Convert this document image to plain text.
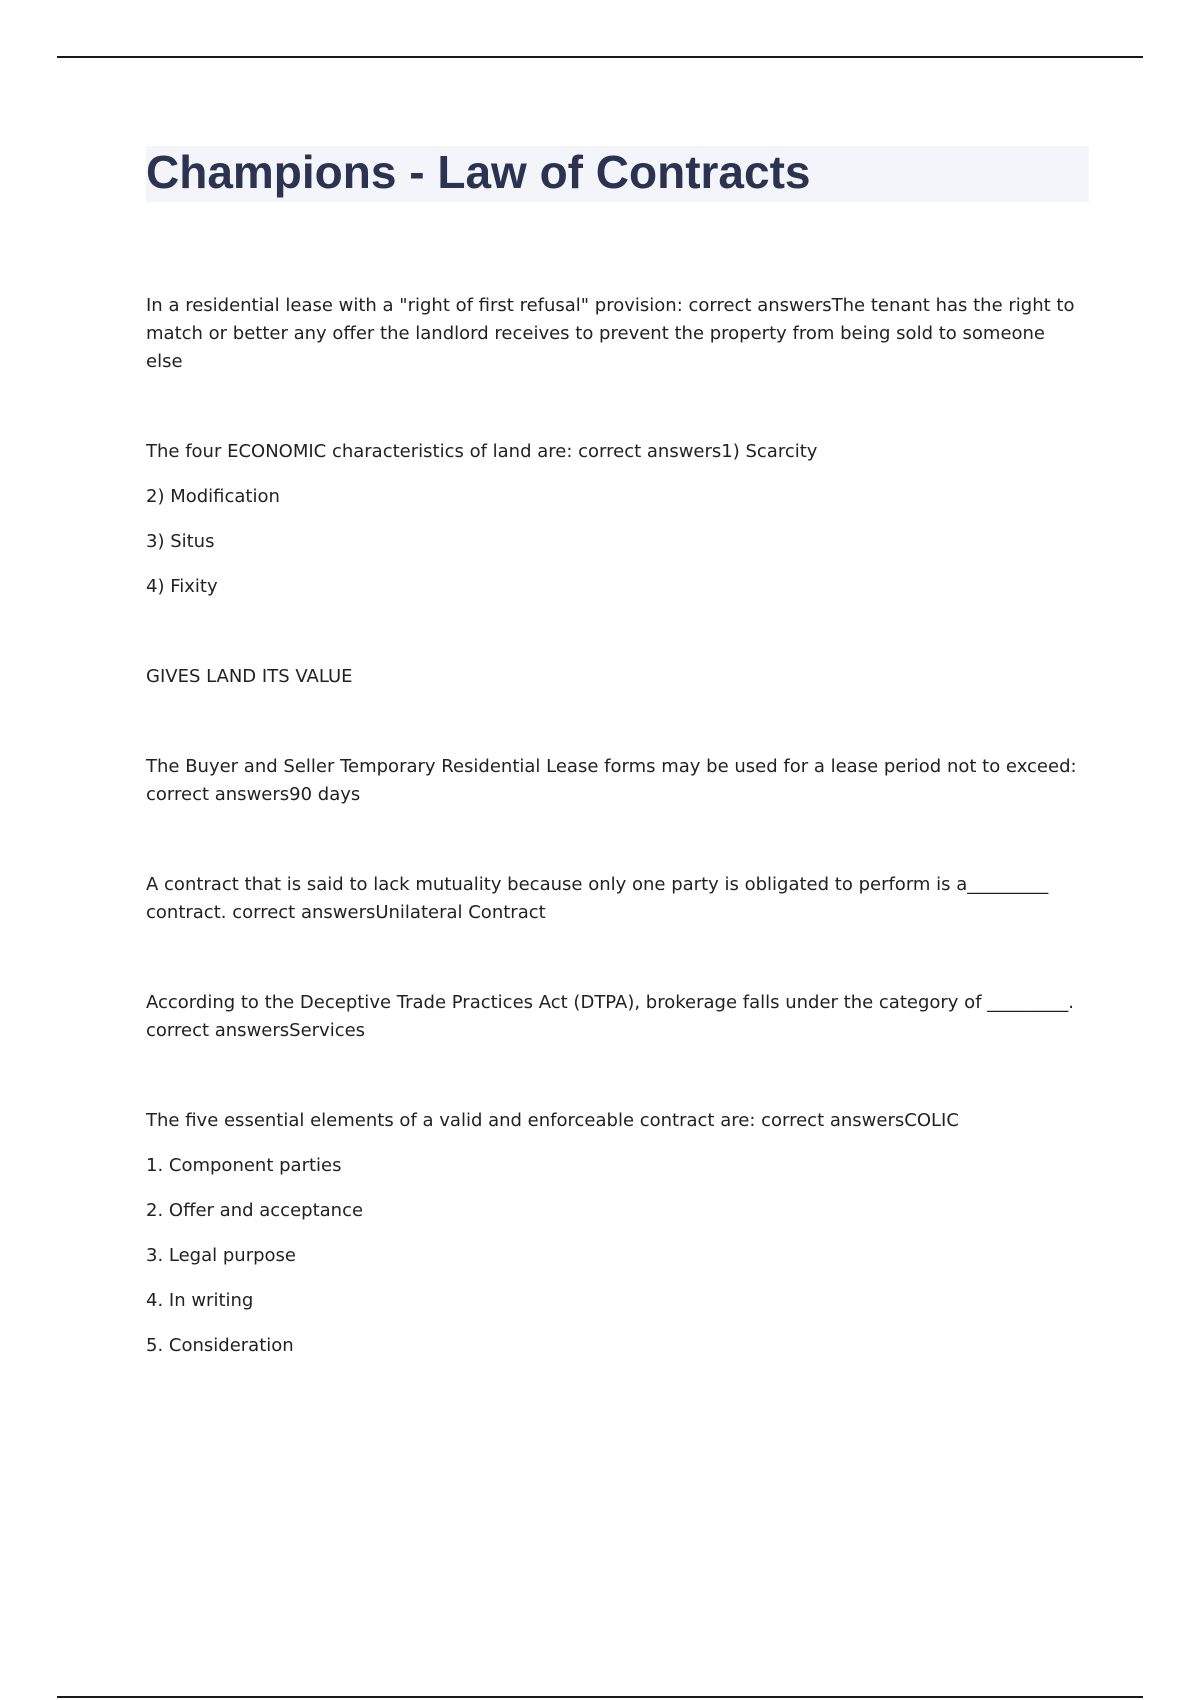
Champions - Law of Contracts

In a residential lease with a "right of first refusal" provision: correct answersThe tenant has the right to match or better any offer the landlord receives to prevent the property from being sold to someone else

The four ECONOMIC characteristics of land are: correct answers1) Scarcity

2) Modification

3) Situs

4) Fixity

GIVES LAND ITS VALUE

The Buyer and Seller Temporary Residential Lease forms may be used for a lease period not to exceed: correct answers90 days

A contract that is said to lack mutuality because only one party is obligated to perform is a_________ contract. correct answersUnilateral Contract

According to the Deceptive Trade Practices Act (DTPA), brokerage falls under the category of _________. correct answersServices

The five essential elements of a valid and enforceable contract are: correct answersCOLIC

1. Component parties

2. Offer and acceptance

3. Legal purpose

4. In writing

5. Consideration
